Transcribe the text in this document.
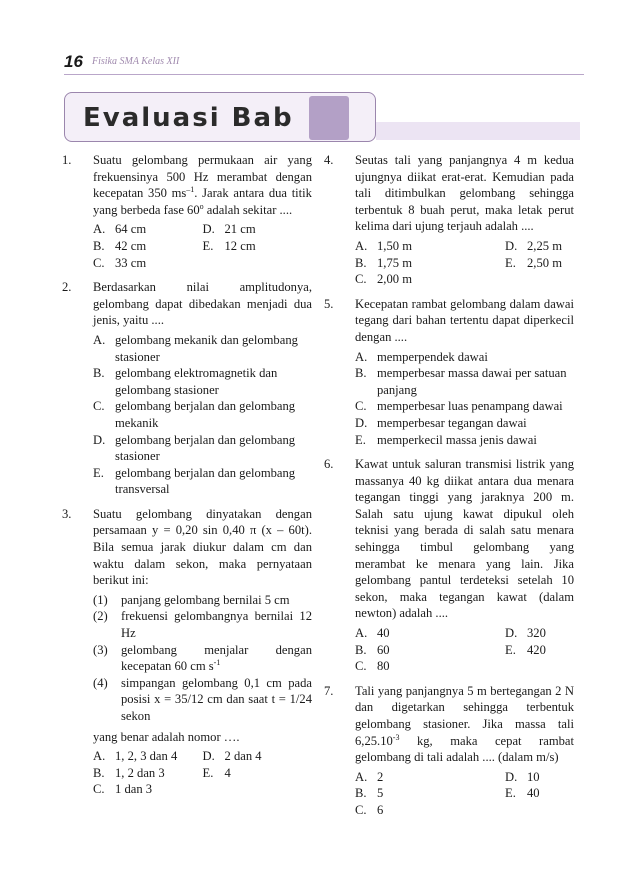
16 Fisika SMA Kelas XII
Evaluasi Bab
1. Suatu gelombang permukaan air yang frekuensinya 500 Hz merambat dengan kecepatan 350 $ms^{-1}$. Jarak antara dua titik yang berbeda fase 60$^o$ adalah sekitar ....
A. 64 cm	D. 21 cm
B. 42 cm	E. 12 cm
C. 33 cm
2. Berdasarkan nilai amplitudonya, gelombang dapat dibedakan menjadi dua jenis, yaitu ....
A. gelombang mekanik dan gelombang stasioner
B. gelombang elektromagnetik dan gelombang stasioner
C. gelombang berjalan dan gelombang mekanik
D. gelombang berjalan dan gelombang stasioner
E. gelombang berjalan dan gelombang transversal
3. Suatu gelombang dinyatakan dengan persamaan y = 0,20 sin 0,40 π (x – 60t). Bila semua jarak diukur dalam cm dan waktu dalam sekon, maka pernyataan berikut ini:
(1) panjang gelombang bernilai 5 cm
(2) frekuensi gelombangnya bernilai 12 Hz
(3) gelombang menjalar dengan kecepatan 60 cm $s^{-1}$
(4) simpangan gelombang 0,1 cm pada posisi x = 35/12 cm dan saat t = 1/24 sekon
yang benar adalah nomor ….
A. 1, 2, 3 dan 4	D. 2 dan 4
B. 1, 2 dan 3	E. 4
C. 1 dan 3
4. Seutas tali yang panjangnya 4 m kedua ujungnya diikat erat-erat. Kemudian pada tali ditimbulkan gelombang sehingga terbentuk 8 buah perut, maka letak perut kelima dari ujung terjauh adalah ....
A. 1,50 m	D. 2,25 m
B. 1,75 m	E. 2,50 m
C. 2,00 m
5. Kecepatan rambat gelombang dalam dawai tegang dari bahan tertentu dapat diperkecil dengan ....
A. memperpendek dawai
B. memperbesar massa dawai per satuan panjang
C. memperbesar luas penampang dawai
D. memperbesar tegangan dawai
E. memperkecil massa jenis dawai
6. Kawat untuk saluran transmisi listrik yang massanya 40 kg diikat antara dua menara tegangan tinggi yang jaraknya 200 m. Salah satu ujung kawat dipukul oleh teknisi yang berada di salah satu menara sehingga timbul gelombang yang merambat ke menara yang lain. Jika gelombang pantul terdeteksi setelah 10 sekon, maka tegangan kawat (dalam newton) adalah ....
A. 40	D. 320
B. 60	E. 420
C. 80
7. Tali yang panjangnya 5 m bertegangan 2 N dan digetarkan sehingga terbentuk gelombang stasioner. Jika massa tali $6,25.10^{-3}$ kg, maka cepat rambat gelombang di tali adalah .... (dalam m/s)
A. 2	D. 10
B. 5	E. 40
C. 6
